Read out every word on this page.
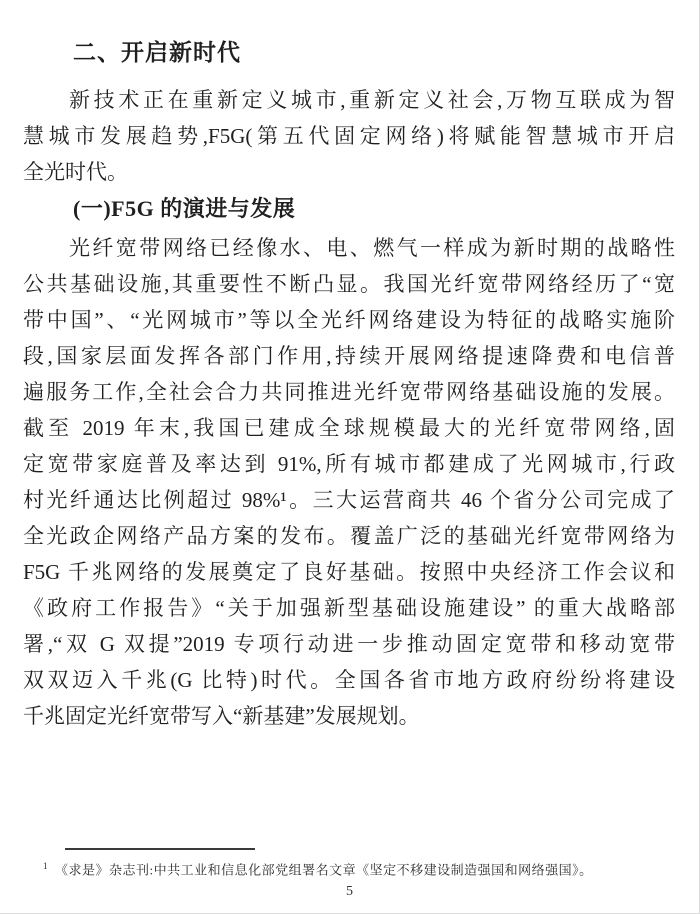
二、开启新时代
新技术正在重新定义城市,重新定义社会,万物互联成为智
慧城市发展趋势,F5G(第五代固定网络)将赋能智慧城市开启
全光时代。
(一)F5G 的演进与发展
光纤宽带网络已经像水、电、燃气一样成为新时期的战略性
公共基础设施,其重要性不断凸显。我国光纤宽带网络经历了“宽
带中国”、“光网城市”等以全光纤网络建设为特征的战略实施阶
段,国家层面发挥各部门作用,持续开展网络提速降费和电信普
遍服务工作,全社会合力共同推进光纤宽带网络基础设施的发展。
截至 2019 年末,我国已建成全球规模最大的光纤宽带网络,固
定宽带家庭普及率达到 91%,所有城市都建成了光网城市,行政
村光纤通达比例超过 98%¹。三大运营商共 46 个省分公司完成了
全光政企网络产品方案的发布。覆盖广泛的基础光纤宽带网络为
F5G 千兆网络的发展奠定了良好基础。按照中央经济工作会议和
《政府工作报告》“关于加强新型基础设施建设” 的重大战略部
署,“双 G 双提”2019 专项行动进一步推动固定宽带和移动宽带
双双迈入千兆(G 比特)时代。全国各省市地方政府纷纷将建设
千兆固定光纤宽带写入“新基建”发展规划。
$^1$ 《求是》杂志刊:中共工业和信息化部党组署名文章《坚定不移建设制造强国和网络强国》。
5
